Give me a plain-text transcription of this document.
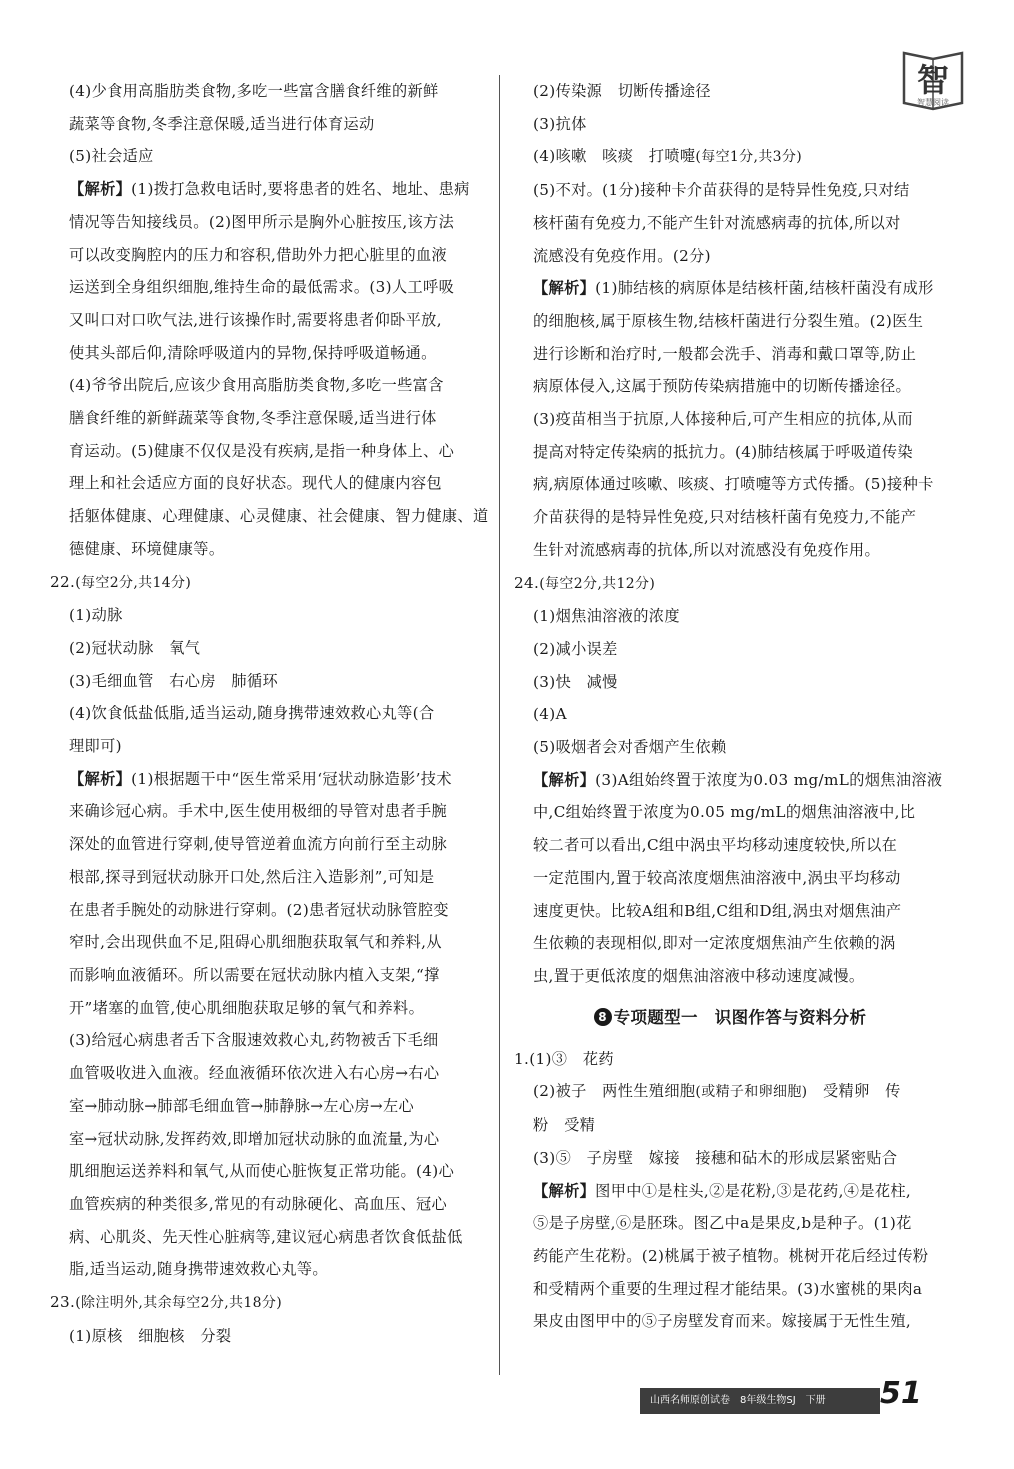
智
智慧阅读

(4)少食用高脂肪类食物,多吃一些富含膳食纤维的新鲜

蔬菜等食物,冬季注意保暖,适当进行体育运动

(5)社会适应

【解析】(1)拨打急救电话时,要将患者的姓名、地址、患病

情况等告知接线员。(2)图甲所示是胸外心脏按压,该方法

可以改变胸腔内的压力和容积,借助外力把心脏里的血液

运送到全身组织细胞,维持生命的最低需求。(3)人工呼吸

又叫口对口吹气法,进行该操作时,需要将患者仰卧平放,

使其头部后仰,清除呼吸道内的异物,保持呼吸道畅通。

(4)爷爷出院后,应该少食用高脂肪类食物,多吃一些富含

膳食纤维的新鲜蔬菜等食物,冬季注意保暖,适当进行体

育运动。(5)健康不仅仅是没有疾病,是指一种身体上、心

理上和社会适应方面的良好状态。现代人的健康内容包

括躯体健康、心理健康、心灵健康、社会健康、智力健康、道

德健康、环境健康等。

22.(每空2分,共14分)

(1)动脉

(2)冠状动脉　氧气

(3)毛细血管　右心房　肺循环

(4)饮食低盐低脂,适当运动,随身携带速效救心丸等(合

理即可)

【解析】(1)根据题干中“医生常采用‘冠状动脉造影’技术

来确诊冠心病。手术中,医生使用极细的导管对患者手腕

深处的血管进行穿刺,使导管逆着血流方向前行至主动脉

根部,探寻到冠状动脉开口处,然后注入造影剂”,可知是

在患者手腕处的动脉进行穿刺。(2)患者冠状动脉管腔变

窄时,会出现供血不足,阻碍心肌细胞获取氧气和养料,从

而影响血液循环。所以需要在冠状动脉内植入支架,“撑

开”堵塞的血管,使心肌细胞获取足够的氧气和养料。

(3)给冠心病患者舌下含服速效救心丸,药物被舌下毛细

血管吸收进入血液。经血液循环依次进入右心房→右心

室→肺动脉→肺部毛细血管→肺静脉→左心房→左心

室→冠状动脉,发挥药效,即增加冠状动脉的血流量,为心

肌细胞运送养料和氧气,从而使心脏恢复正常功能。(4)心

血管疾病的种类很多,常见的有动脉硬化、高血压、冠心

病、心肌炎、先天性心脏病等,建议冠心病患者饮食低盐低

脂,适当运动,随身携带速效救心丸等。

23.(除注明外,其余每空2分,共18分)

(1)原核　细胞核　分裂

(2)传染源　切断传播途径

(3)抗体

(4)咳嗽　咳痰　打喷嚏(每空1分,共3分)

(5)不对。(1分)接种卡介苗获得的是特异性免疫,只对结

核杆菌有免疫力,不能产生针对流感病毒的抗体,所以对

流感没有免疫作用。(2分)

【解析】(1)肺结核的病原体是结核杆菌,结核杆菌没有成形

的细胞核,属于原核生物,结核杆菌进行分裂生殖。(2)医生

进行诊断和治疗时,一般都会洗手、消毒和戴口罩等,防止

病原体侵入,这属于预防传染病措施中的切断传播途径。

(3)疫苗相当于抗原,人体接种后,可产生相应的抗体,从而

提高对特定传染病的抵抗力。(4)肺结核属于呼吸道传染

病,病原体通过咳嗽、咳痰、打喷嚏等方式传播。(5)接种卡

介苗获得的是特异性免疫,只对结核杆菌有免疫力,不能产

生针对流感病毒的抗体,所以对流感没有免疫作用。

24.(每空2分,共12分)

(1)烟焦油溶液的浓度

(2)减小误差

(3)快　减慢

(4)A

(5)吸烟者会对香烟产生依赖

【解析】(3)A组始终置于浓度为0.03 mg/mL的烟焦油溶液

中,C组始终置于浓度为0.05 mg/mL的烟焦油溶液中,比

较二者可以看出,C组中涡虫平均移动速度较快,所以在

一定范围内,置于较高浓度烟焦油溶液中,涡虫平均移动

速度更快。比较A组和B组,C组和D组,涡虫对烟焦油产

生依赖的表现相似,即对一定浓度烟焦油产生依赖的涡

虫,置于更低浓度的烟焦油溶液中移动速度减慢。

8 专项题型一　识图作答与资料分析

1.(1)③　花药

(2)被子　两性生殖细胞(或精子和卵细胞)　受精卵　传

粉　受精

(3)⑤　子房壁　嫁接　接穗和砧木的形成层紧密贴合

【解析】图甲中①是柱头,②是花粉,③是花药,④是花柱,

⑤是子房壁,⑥是胚珠。图乙中a是果皮,b是种子。(1)花

药能产生花粉。(2)桃属于被子植物。桃树开花后经过传粉

和受精两个重要的生理过程才能结果。(3)水蜜桃的果肉a

果皮由图甲中的⑤子房壁发育而来。嫁接属于无性生殖,

山西名师原创试卷　8年级生物SJ　下册	51
